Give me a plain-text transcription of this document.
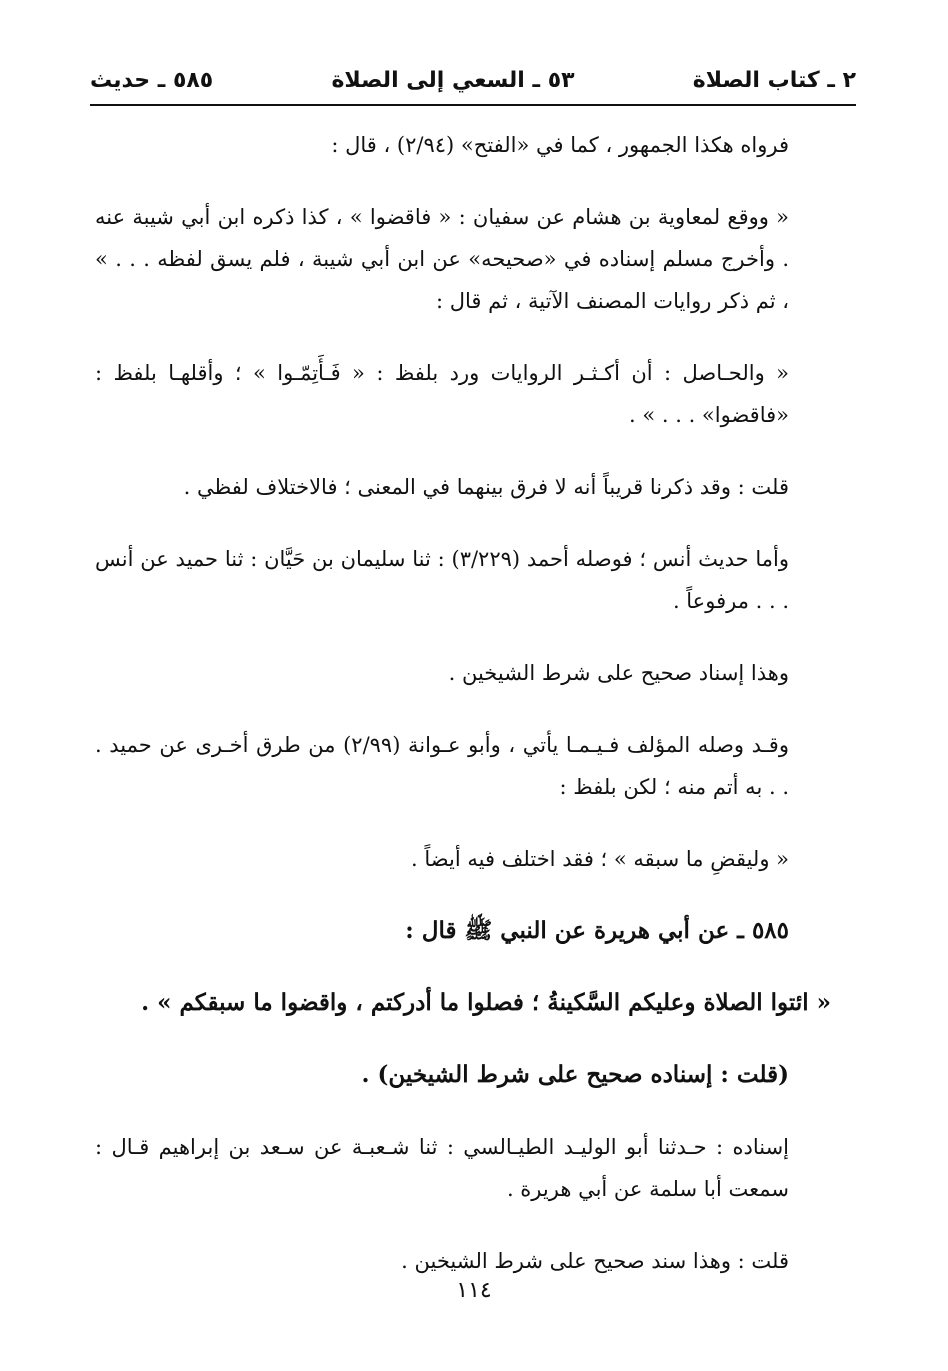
٢ ـ كتاب الصلاة
٥٣ ـ السعي إلى الصلاة
٥٨٥ ـ حديث

فرواه هكذا الجمهور ، كما في «الفتح» (٢/٩٤) ، قال :

« ووقع لمعاوية بن هشام عن سفيان : « فاقضوا » ، كذا ذكره ابن أبي شيبة عنه . وأخرج مسلم إسناده في «صحيحه» عن ابن أبي شيبة ، فلم يسق لفظه . . . » ، ثم ذكر روايات المصنف الآتية ، ثم قال :

« والحـاصل : أن أكـثـر الروايات ورد بلفظ : « فَـأَتِمّـوا » ؛ وأقلهـا بلفظ : «فاقضوا» . . . » .

قلت : وقد ذكرنا قريباً أنه لا فرق بينهما في المعنى ؛ فالاختلاف لفظي .

وأما حديث أنس ؛ فوصله أحمد (٣/٢٢٩) : ثنا سليمان بن حَيَّان : ثنا حميد عن أنس . . . مرفوعاً .

وهذا إسناد صحيح على شرط الشيخين .

وقـد وصله المؤلف فـيـمـا يأتي ، وأبو عـوانة (٢/٩٩) من طرق أخـرى عن حميد . . . به أتم منه ؛ لكن بلفظ :

« وليقضِ ما سبقه » ؛ فقد اختلف فيه أيضاً .

٥٨٥ ـ عن أبي هريرة عن النبي ﷺ قال :

« ائتوا الصلاة وعليكم السَّكينةُ ؛ فصلوا ما أدركتم ، واقضوا ما سبقكم » .

(قلت : إسناده صحيح على شرط الشيخين) .

إسناده : حـدثنا أبو الوليـد الطيـالسي : ثنا شـعبـة عن سـعد بن إبراهيم قـال : سمعت أبا سلمة عن أبي هريرة .

قلت : وهذا سند صحيح على شرط الشيخين .

١١٤
